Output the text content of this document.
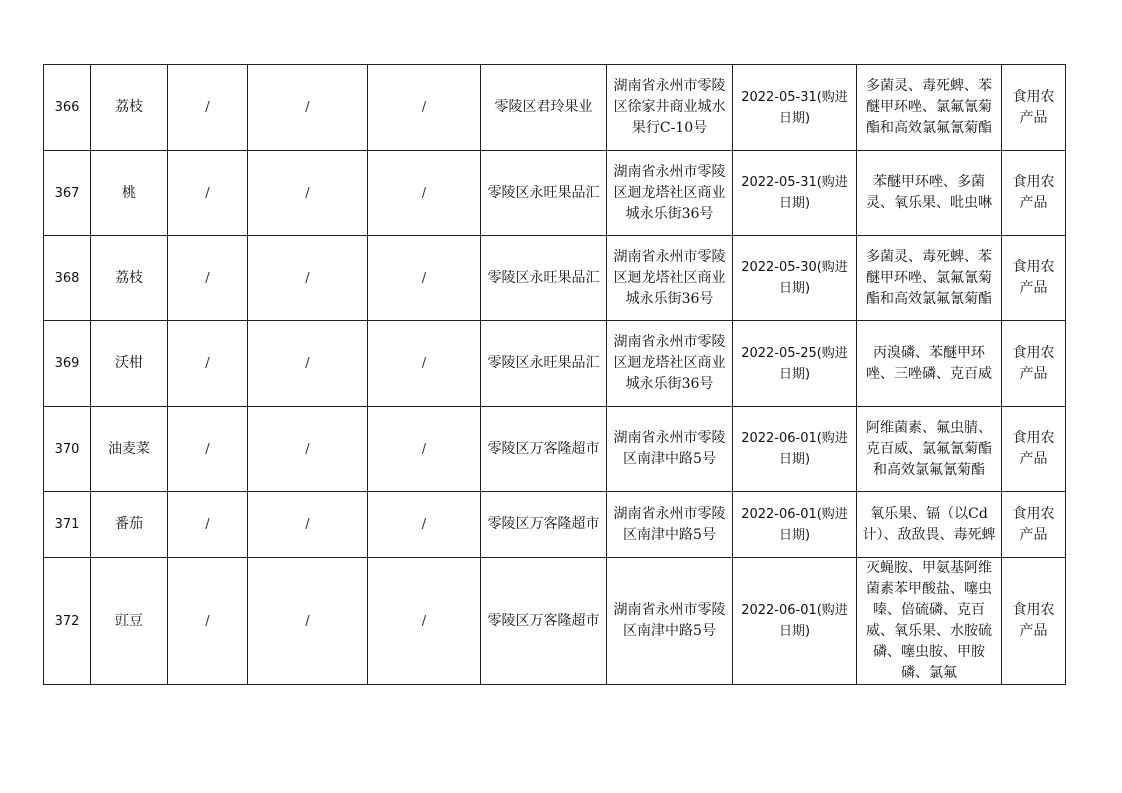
366	荔枝	/	/	/	零陵区君玲果业	湖南省永州市零陵区徐家井商业城水果行C-10号	2022-05-31(购进日期)	多菌灵、毒死蜱、苯醚甲环唑、氯氟氰菊酯和高效氯氟氰菊酯	食用农产品
367	桃	/	/	/	零陵区永旺果品汇	湖南省永州市零陵区迴龙塔社区商业城永乐街36号	2022-05-31(购进日期)	苯醚甲环唑、多菌灵、氧乐果、吡虫啉	食用农产品
368	荔枝	/	/	/	零陵区永旺果品汇	湖南省永州市零陵区迴龙塔社区商业城永乐街36号	2022-05-30(购进日期)	多菌灵、毒死蜱、苯醚甲环唑、氯氟氰菊酯和高效氯氟氰菊酯	食用农产品
369	沃柑	/	/	/	零陵区永旺果品汇	湖南省永州市零陵区迴龙塔社区商业城永乐街36号	2022-05-25(购进日期)	丙溴磷、苯醚甲环唑、三唑磷、克百威	食用农产品
370	油麦菜	/	/	/	零陵区万客隆超市	湖南省永州市零陵区南津中路5号	2022-06-01(购进日期)	阿维菌素、氟虫腈、克百威、氯氟氰菊酯和高效氯氟氰菊酯	食用农产品
371	番茄	/	/	/	零陵区万客隆超市	湖南省永州市零陵区南津中路5号	2022-06-01(购进日期)	氧乐果、镉（以Cd计）、敌敌畏、毒死蜱	食用农产品
372	豇豆	/	/	/	零陵区万客隆超市	湖南省永州市零陵区南津中路5号	2022-06-01(购进日期)	灭蝇胺、甲氨基阿维菌素苯甲酸盐、噻虫嗪、倍硫磷、克百威、氧乐果、水胺硫磷、噻虫胺、甲胺磷、氯氟	食用农产品
